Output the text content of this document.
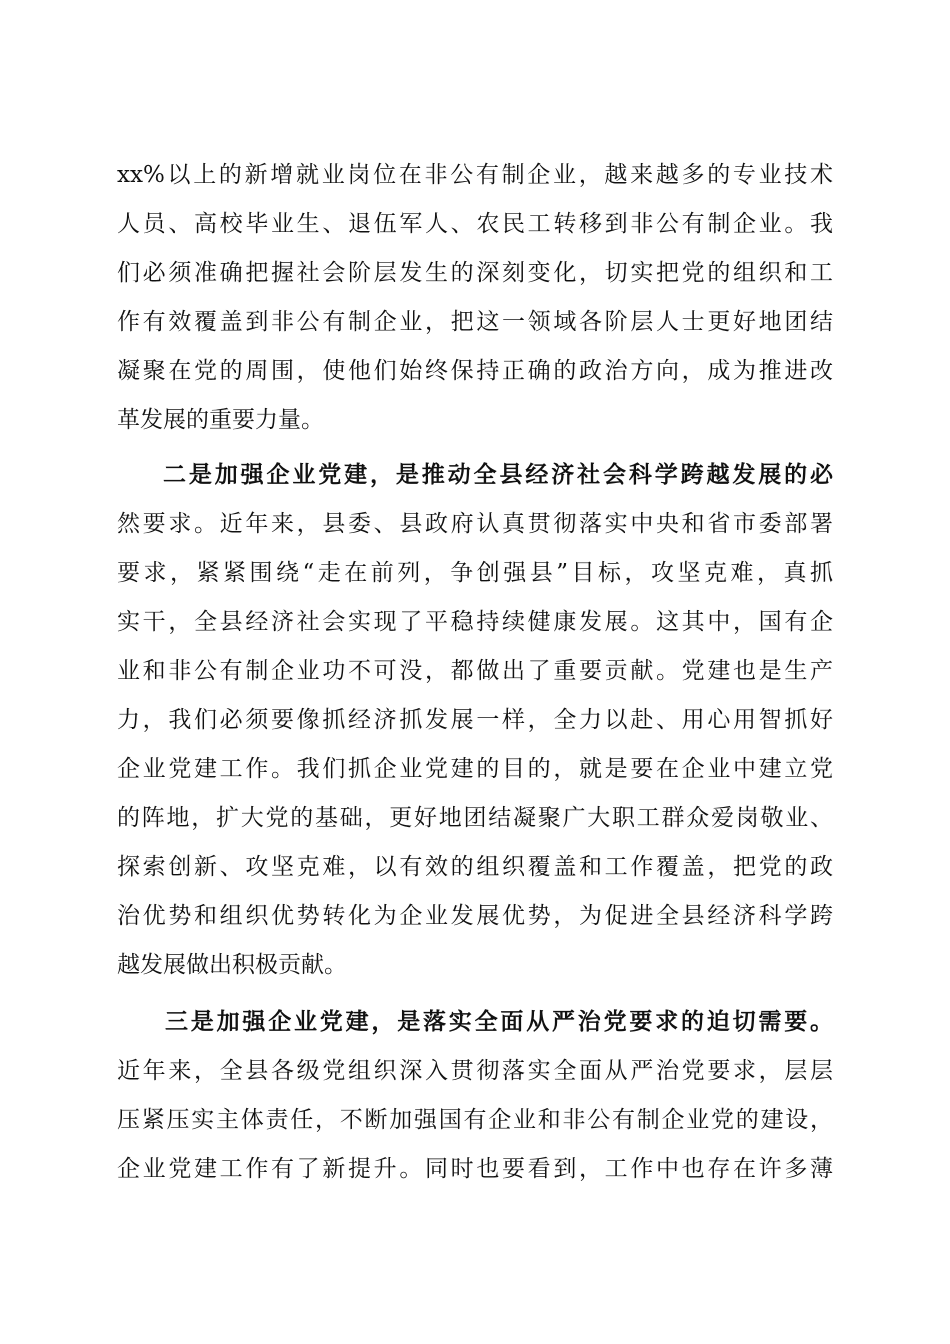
xx%以上的新增就业岗位在非公有制企业，越来越多的专业技术
人员、高校毕业生、退伍军人、农民工转移到非公有制企业。我
们必须准确把握社会阶层发生的深刻变化，切实把党的组织和工
作有效覆盖到非公有制企业，把这一领域各阶层人士更好地团结
凝聚在党的周围，使他们始终保持正确的政治方向，成为推进改
革发展的重要力量。
二是加强企业党建，是推动全县经济社会科学跨越发展的必
然要求。近年来，县委、县政府认真贯彻落实中央和省市委部署
要求，紧紧围绕“走在前列，争创强县”目标，攻坚克难，真抓
实干，全县经济社会实现了平稳持续健康发展。这其中，国有企
业和非公有制企业功不可没，都做出了重要贡献。党建也是生产
力，我们必须要像抓经济抓发展一样，全力以赴、用心用智抓好
企业党建工作。我们抓企业党建的目的，就是要在企业中建立党
的阵地，扩大党的基础，更好地团结凝聚广大职工群众爱岗敬业、
探索创新、攻坚克难，以有效的组织覆盖和工作覆盖，把党的政
治优势和组织优势转化为企业发展优势，为促进全县经济科学跨
越发展做出积极贡献。
三是加强企业党建，是落实全面从严治党要求的迫切需要。
近年来，全县各级党组织深入贯彻落实全面从严治党要求，层层
压紧压实主体责任，不断加强国有企业和非公有制企业党的建设，
企业党建工作有了新提升。同时也要看到，工作中也存在许多薄
